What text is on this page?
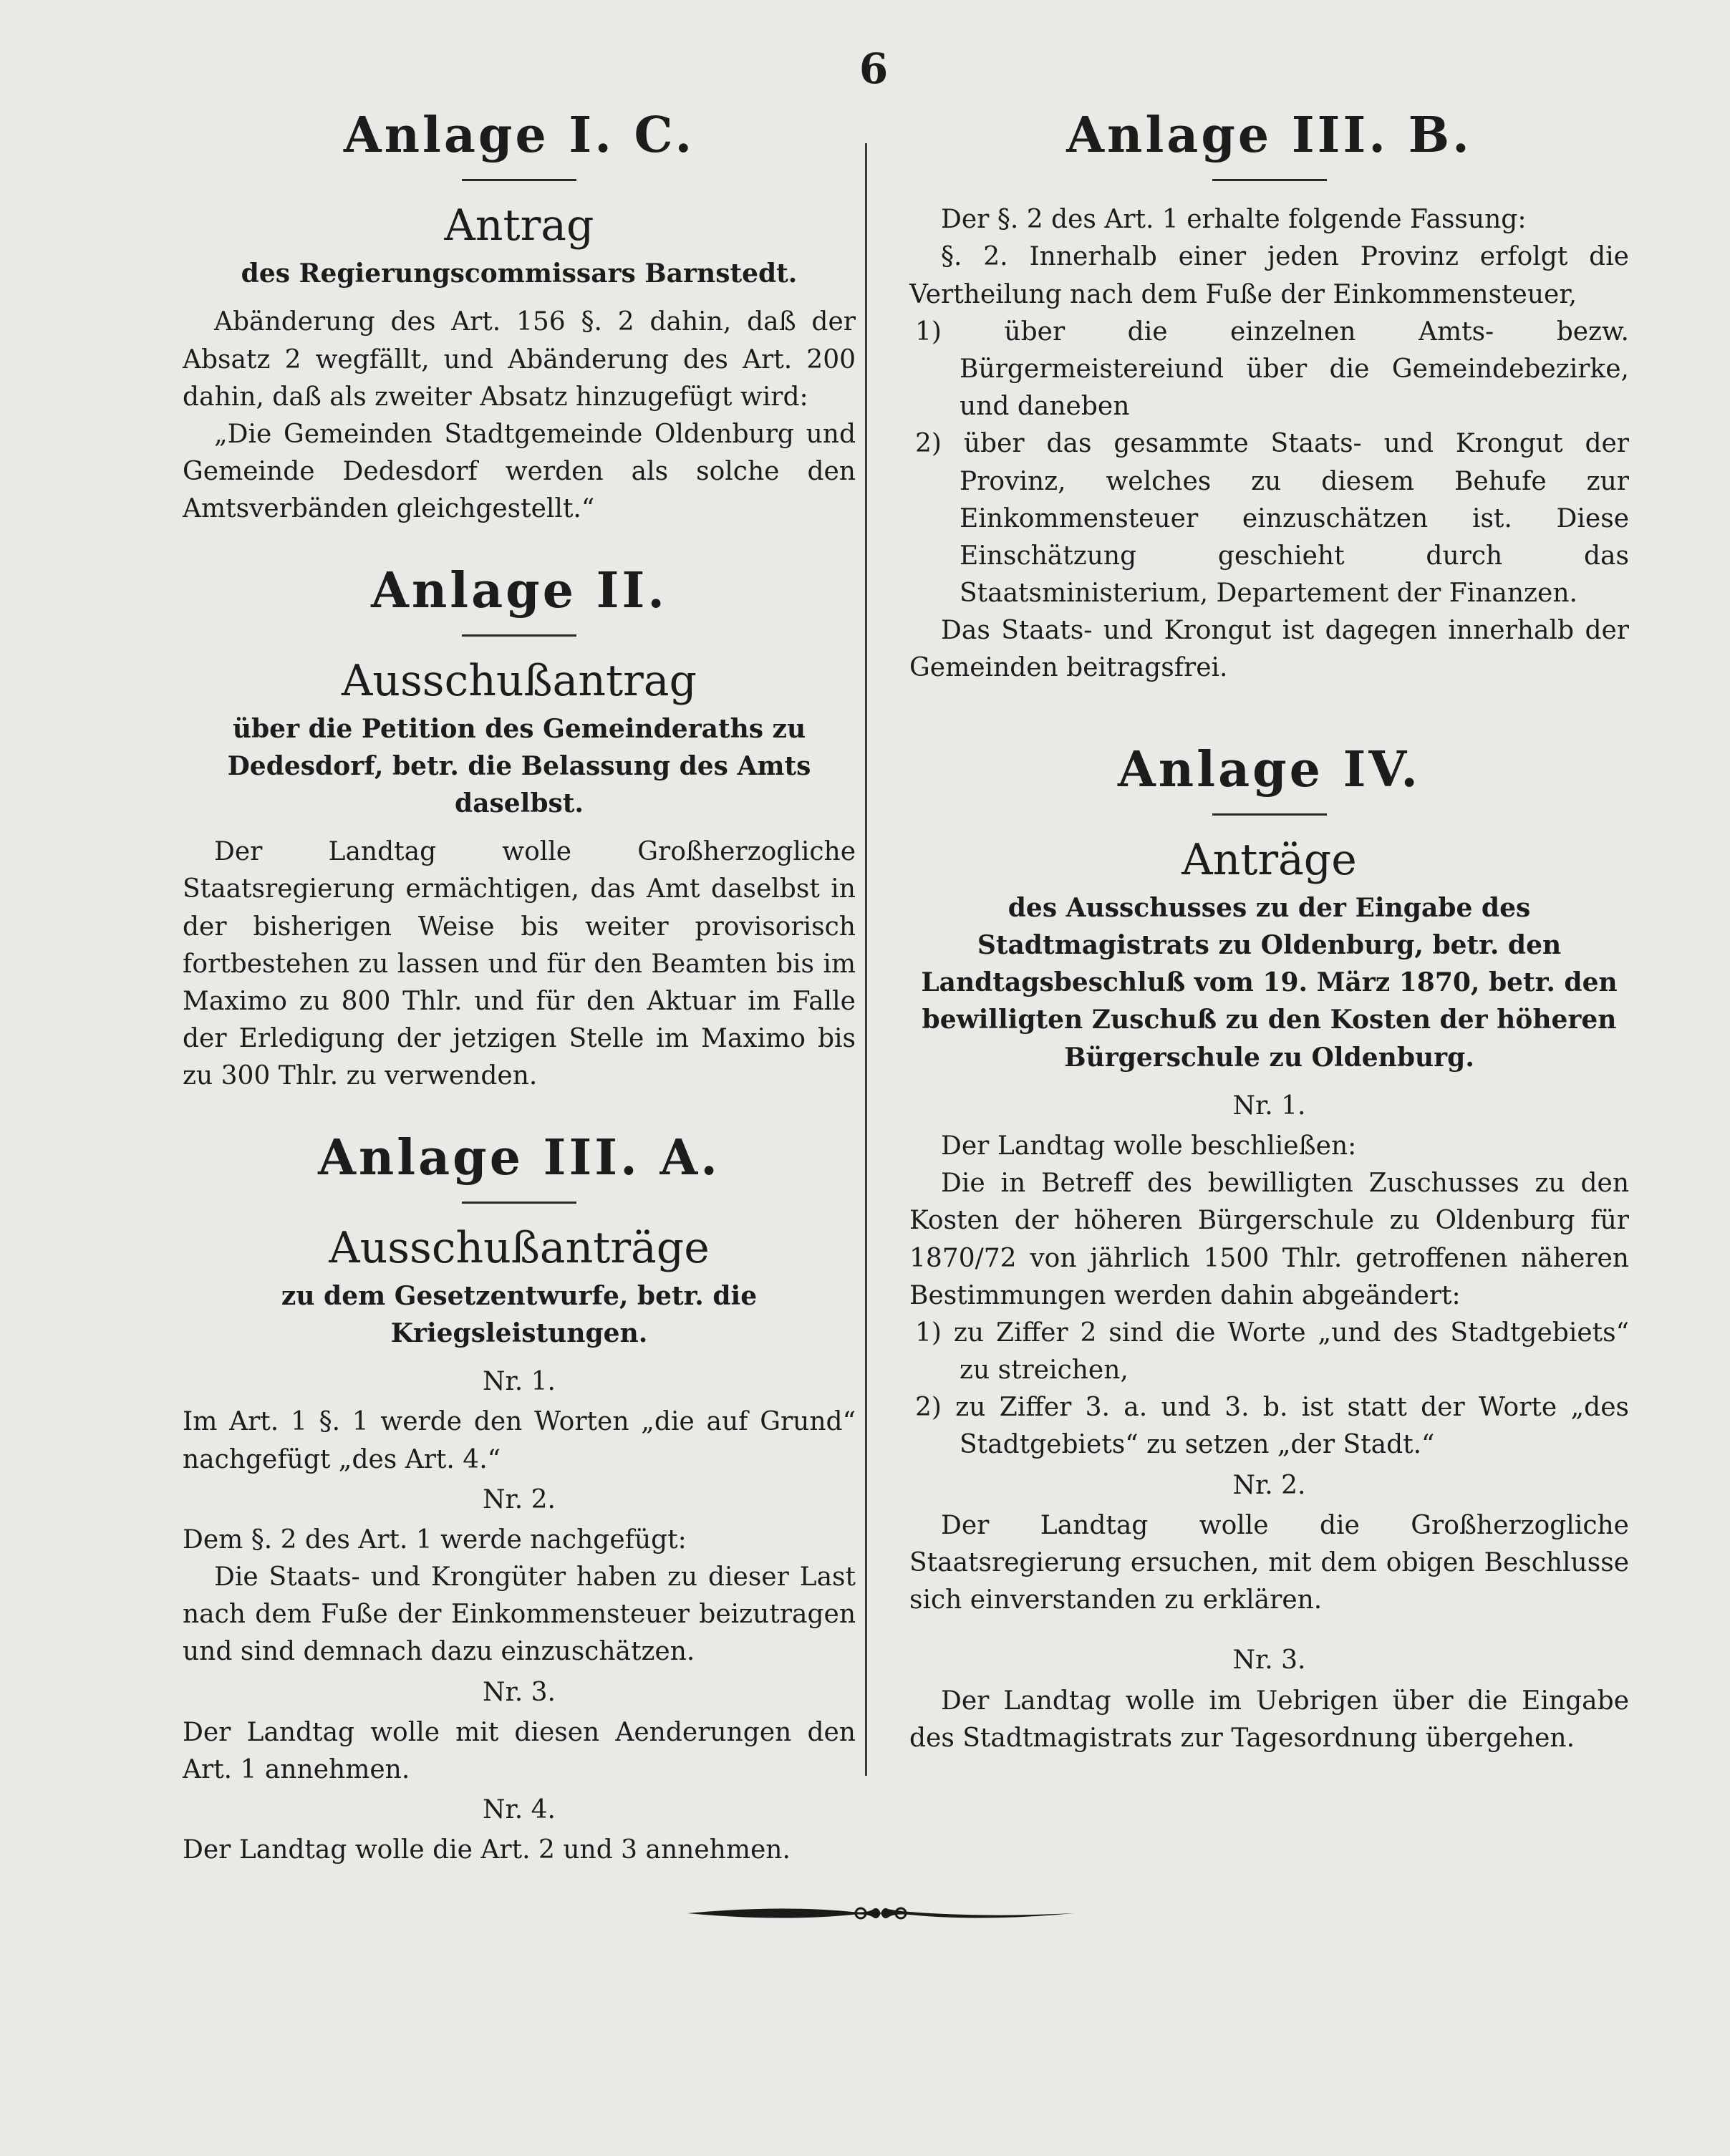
6
Anlage I. C.
Antrag
des Regierungscommissars Barnstedt.

Abänderung des Art. 156 §. 2 dahin, daß der Absatz 2 wegfällt, und Abänderung des Art. 200 dahin, daß als zweiter Absatz hinzugefügt wird:

„Die Gemeinden Stadtgemeinde Oldenburg und Gemeinde Dedesdorf werden als solche den Amtsverbänden gleichgestellt.“

Anlage II.
Ausschußantrag
über die Petition des Gemeinderaths zu Dedesdorf, betr. die Belassung des Amts daselbst.

Der Landtag wolle Großherzogliche Staatsregierung ermächtigen, das Amt daselbst in der bisherigen Weise bis weiter provisorisch fortbestehen zu lassen und für den Beamten bis im Maximo zu 800 Thlr. und für den Aktuar im Falle der Erledigung der jetzigen Stelle im Maximo bis zu 300 Thlr. zu verwenden.

Anlage III. A.
Ausschußanträge
zu dem Gesetzentwurfe, betr. die Kriegsleistungen.
Nr. 1.

Im Art. 1 §. 1 werde den Worten „die auf Grund“ nachgefügt „des Art. 4.“

Nr. 2.

Dem §. 2 des Art. 1 werde nachgefügt:

Die Staats- und Krongüter haben zu dieser Last nach dem Fuße der Einkommensteuer beizutragen und sind demnach dazu einzuschätzen.

Nr. 3.

Der Landtag wolle mit diesen Aenderungen den Art. 1 annehmen.

Nr. 4.

Der Landtag wolle die Art. 2 und 3 annehmen.

Anlage III. B.

Der §. 2 des Art. 1 erhalte folgende Fassung:

§. 2. Innerhalb einer jeden Provinz erfolgt die Vertheilung nach dem Fuße der Einkommensteuer,

1) über die einzelnen Amts- bezw. Bürgermeistereiund über die Gemeindebezirke, und daneben

2) über das gesammte Staats- und Krongut der Provinz, welches zu diesem Behufe zur Einkommensteuer einzuschätzen ist. Diese Einschätzung geschieht durch das Staatsministerium, Departement der Finanzen.

Das Staats- und Krongut ist dagegen innerhalb der Gemeinden beitragsfrei.

Anlage IV.
Anträge
des Ausschusses zu der Eingabe des Stadtmagistrats zu Oldenburg, betr. den Landtagsbeschluß vom 19. März 1870, betr. den bewilligten Zuschuß zu den Kosten der höheren Bürgerschule zu Oldenburg.
Nr. 1.

Der Landtag wolle beschließen:

Die in Betreff des bewilligten Zuschusses zu den Kosten der höheren Bürgerschule zu Oldenburg für 1870/72 von jährlich 1500 Thlr. getroffenen näheren Bestimmungen werden dahin abgeändert:

1) zu Ziffer 2 sind die Worte „und des Stadtgebiets“ zu streichen,

2) zu Ziffer 3. a. und 3. b. ist statt der Worte „des Stadtgebiets“ zu setzen „der Stadt.“

Nr. 2.

Der Landtag wolle die Großherzogliche Staatsregierung ersuchen, mit dem obigen Beschlusse sich einverstanden zu erklären.

Nr. 3.

Der Landtag wolle im Uebrigen über die Eingabe des Stadtmagistrats zur Tagesordnung übergehen.
